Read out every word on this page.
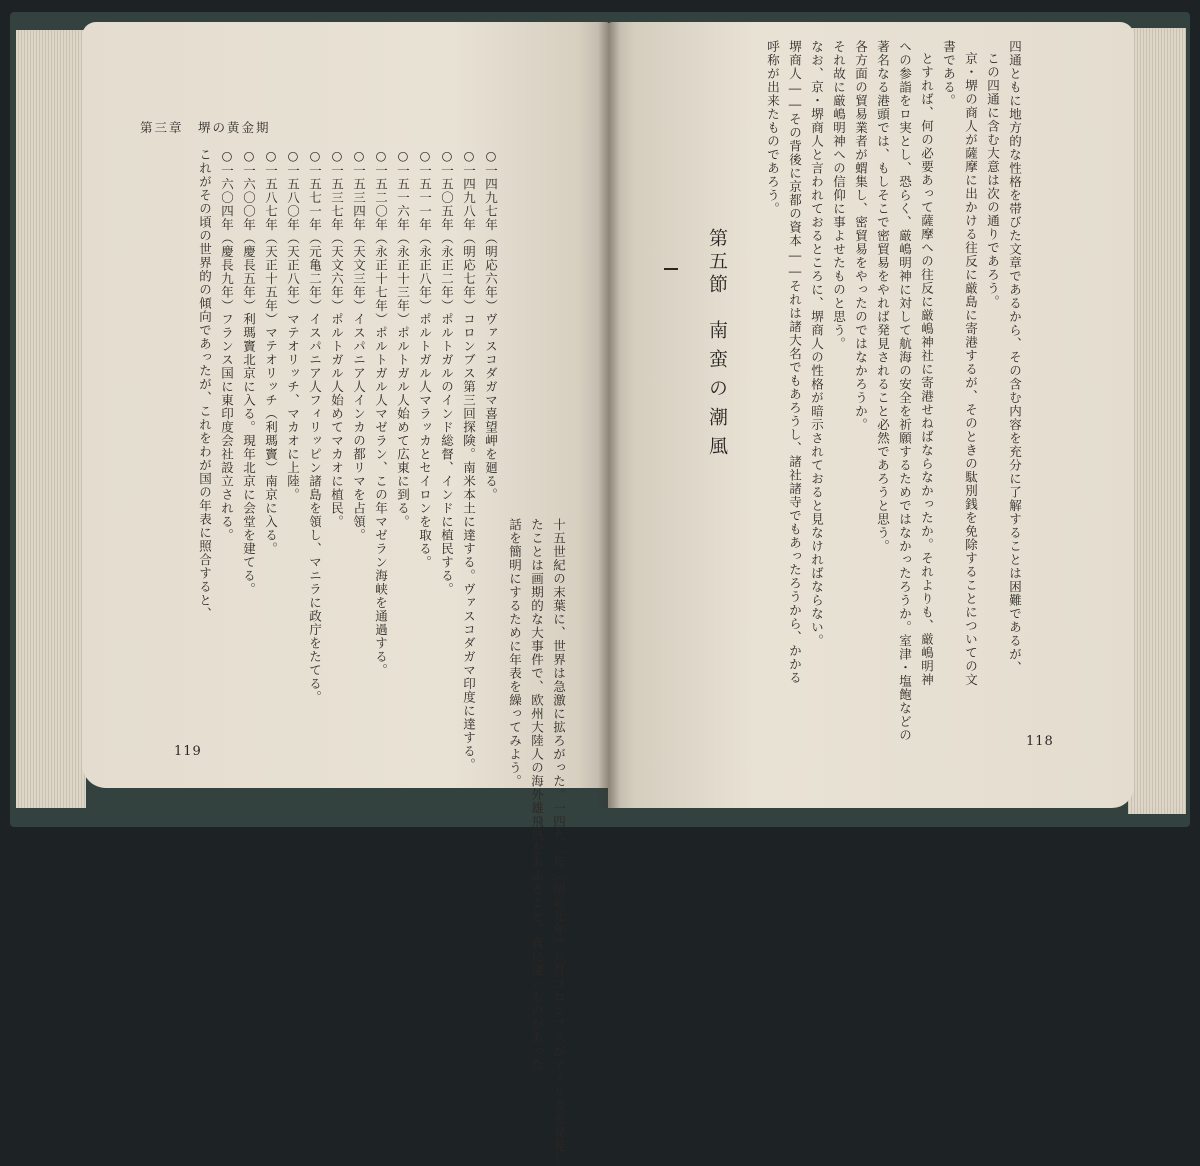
第三章　堺の黄金期
十五世紀の末葉に、世界は急激に拡ろがった。一四九二年（明応元年）八月コロンブスがアメリカを発見し
たことは画期的な大事件で、欧州大陸人の海外雄飛熱をあふること、真に凄いものがあった。
話を簡明にするために年表を繰ってみよう。
○一四九七年（明応六年）ヴァスコダガマ喜望岬を廻る。
○一四九八年（明応七年）コロンブス第三回探険。南米本土に達する。ヴァスコダガマ印度に達する。
○一五〇五年（永正二年）ポルトガルのインド総督、インドに植民する。
○一五一一年（永正八年）ポルトガル人マラッカとセイロンを取る。
○一五一六年（永正十三年）ポルトガル人始めて広東に到る。
○一五二〇年（永正十七年）ポルトガル人マゼラン、この年マゼラン海峡を通過する。
○一五三四年（天文三年）イスパニア人インカの都リマを占領。
○一五三七年（天文六年）ポルトガル人始めてマカオに植民。
○一五七一年（元亀二年）イスパニア人フィリッピン諸島を領し、マニラに政庁をたてる。
○一五八〇年（天正八年）マテオリッチ、マカオに上陸。
○一五八七年（天正十五年）マテオリッチ（利瑪竇）南京に入る。
○一六〇〇年（慶長五年）利瑪竇北京に入る。現年北京に会堂を建てる。
○一六〇四年（慶長九年）フランス国に東印度会社設立される。
これがその頃の世界的の傾向であったが、これをわが国の年表に照合すると、
119
四通ともに地方的な性格を帯びた文章であるから、その含む内容を充分に了解することは困難であるが、
この四通に含む大意は次の通りであろう。
京・堺の商人が薩摩に出かける往反に厳島に寄港するが、そのときの駄別銭を免除することについての文
書である。
とすれば、何の必要あって薩摩への往反に厳嶋神社に寄港せねばならなかったか。それよりも、厳嶋明神
への参詣をロ実とし、恐らく、厳嶋明神に対して航海の安全を祈願するためではなかったろうか。室津・塩飽などの
著名なる港頭では、もしそこで密貿易をやれば発見されること必然であろうと思う。
各方面の貿易業者が蝟集し、密貿易をやったのではなかろうか。
それ故に厳嶋明神への信仰に事よせたものと思う。
なお、京・堺商人と言われておるところに、堺商人の性格が暗示されておると見なければならない。
堺商人――その背後に京都の資本――それは諸大名でもあろうし、諸社諸寺でもあったろうから、かかる
呼称が出来たものであろう。
第五節
南蛮の潮風
118
